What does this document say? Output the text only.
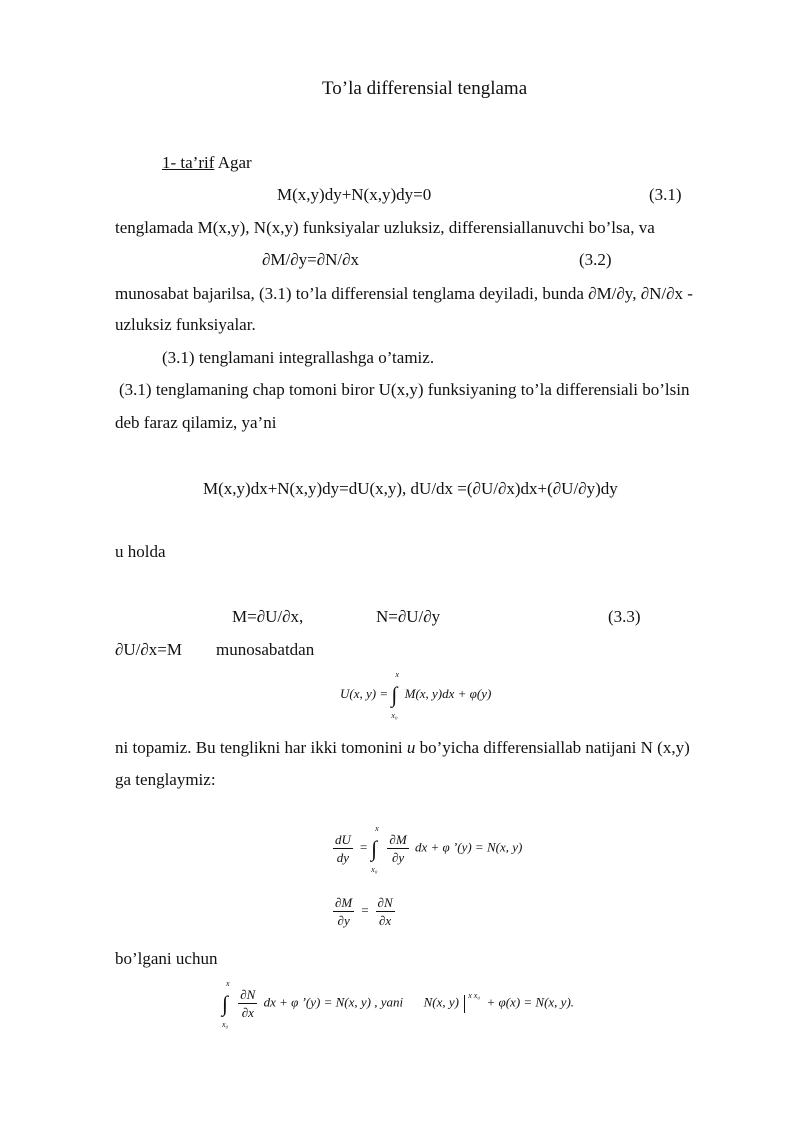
To’la differensial tenglama
1- ta’rif Agar
M(x,y)dy+N(x,y)dy=0	(3.1)
tenglamada M(x,y), N(x,y) funksiyalar uzluksiz, differensiallanuvchi bo’lsa, va
∂M/∂y=∂N/∂x	(3.2)
munosabat bajarilsa, (3.1) to’la differensial tenglama deyiladi, bunda ∂M/∂y, ∂N/∂x -
uzluksiz funksiyalar.
(3.1) tenglamani integrallashga o’tamiz.
(3.1) tenglamaning chap tomoni biror U(x,y) funksiyaning to’la differensiali bo’lsin
deb faraz qilamiz, ya’ni
M(x,y)dx+N(x,y)dy=dU(x,y), dU/dx =(∂U/∂x)dx+(∂U/∂y)dy
u holda
M=∂U/∂x,	N=∂U/∂y	(3.3)
∂U/∂x=M munosabatdan
U(x, y) = ∫
x
x₀
M(x, y)dx + φ(y)
ni topamiz. Bu tenglikni har ikki tomonini u bo’yicha differensiallab natijani N (x,y)
ga tenglaymiz:
$\frac{dU}{dy}$ = ∫
x
x₀

$\frac{\partial M}{\partial y}$ dx + φ ’(y) = N(x, y)
$\frac{\partial M}{\partial y} = \frac{\partial N}{\partial x}$
bo’lgani uchun
∫
x
x₀

$\frac{\partial N}{\partial x}$ dx + φ ’(y) = N(x, y) , yani N(x, y) x x₀ + φ(x) = N(x, y).
